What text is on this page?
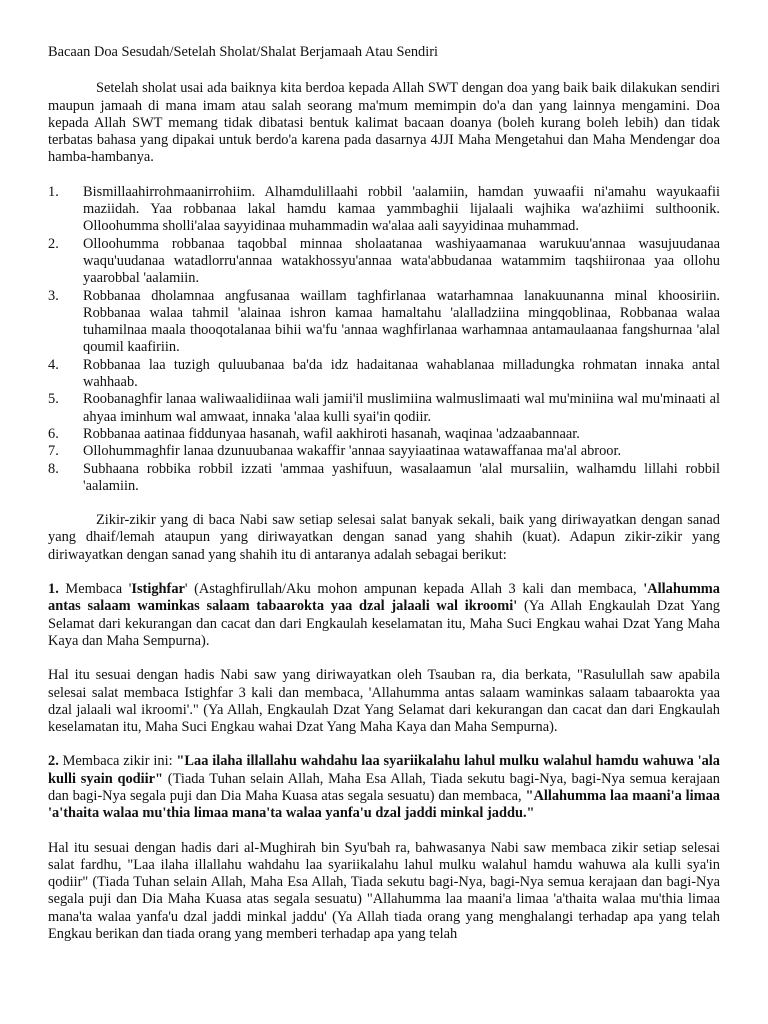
Bacaan Doa Sesudah/Setelah Sholat/Shalat Berjamaah Atau Sendiri

Setelah sholat usai ada baiknya kita berdoa kepada Allah SWT dengan doa yang baik baik dilakukan sendiri maupun jamaah di mana imam atau salah seorang ma'mum memimpin do'a dan yang lainnya mengamini. Doa kepada Allah SWT memang tidak dibatasi bentuk kalimat bacaan doanya (boleh kurang boleh lebih) dan tidak terbatas bahasa yang dipakai untuk berdo'a karena pada dasarnya 4JJI Maha Mengetahui dan Maha Mendengar doa hamba-hambanya.

1.	Bismillaahirrohmaanirrohiim. Alhamdulillaahi robbil 'aalamiin, hamdan yuwaafii ni'amahu wayukaafii maziidah. Yaa robbanaa lakal hamdu kamaa yammbaghii lijalaali wajhika wa'azhiimi sulthoonik. Olloohumma sholli'alaa sayyidinaa muhammadin wa'alaa aali sayyidinaa muhammad.
2.	Olloohumma robbanaa taqobbal minnaa sholaatanaa washiyaamanaa warukuu'annaa wasujuudanaa waqu'uudanaa watadlorru'annaa watakhossyu'annaa wata'abbudanaa watammim taqshiironaa yaa ollohu yaarobbal 'aalamiin.
3.	Robbanaa dholamnaa angfusanaa waillam taghfirlanaa watarhamnaa lanakuunanna minal khoosiriin. Robbanaa walaa tahmil 'alainaa ishron kamaa hamaltahu 'alalladziina mingqoblinaa, Robbanaa walaa tuhamilnaa maala thooqotalanaa bihii wa'fu 'annaa waghfirlanaa warhamnaa antamaulaanaa fangshurnaa 'alal qoumil kaafiriin.
4.	Robbanaa laa tuzigh quluubanaa ba'da idz hadaitanaa wahablanaa milladungka rohmatan innaka antal wahhaab.
5.	Roobanaghfir lanaa waliwaalidiinaa wali jamii'il muslimiina walmuslimaati wal mu'miniina wal mu'minaati al ahyaa iminhum wal amwaat, innaka 'alaa kulli syai'in qodiir.
6.	Robbanaa aatinaa fiddunyaa hasanah, wafil aakhiroti hasanah, waqinaa 'adzaabannaar.
7.	Ollohummaghfir lanaa dzunuubanaa wakaffir 'annaa sayyiaatinaa watawaffanaa ma'al abroor.
8.	Subhaana robbika robbil izzati 'ammaa yashifuun, wasalaamun 'alal mursaliin, walhamdu lillahi robbil 'aalamiin.

Zikir-zikir yang di baca Nabi saw setiap selesai salat banyak sekali, baik yang diriwayatkan dengan sanad yang dhaif/lemah ataupun yang diriwayatkan dengan sanad yang shahih (kuat). Adapun zikir-zikir yang diriwayatkan dengan sanad yang shahih itu di antaranya adalah sebagai berikut:

1. Membaca 'Istighfar' (Astaghfirullah/Aku mohon ampunan kepada Allah 3 kali dan membaca, 'Allahumma antas salaam waminkas salaam tabaarokta yaa dzal jalaali wal ikroomi' (Ya Allah Engkaulah Dzat Yang Selamat dari kekurangan dan cacat dan dari Engkaulah keselamatan itu, Maha Suci Engkau wahai Dzat Yang Maha Kaya dan Maha Sempurna).

Hal itu sesuai dengan hadis Nabi saw yang diriwayatkan oleh Tsauban ra, dia berkata, "Rasulullah saw apabila selesai salat membaca Istighfar 3 kali dan membaca, 'Allahumma antas salaam waminkas salaam tabaarokta yaa dzal jalaali wal ikroomi'." (Ya Allah, Engkaulah Dzat Yang Selamat dari kekurangan dan cacat dan dari Engkaulah keselamatan itu, Maha Suci Engkau wahai Dzat Yang Maha Kaya dan Maha Sempurna).

2. Membaca zikir ini: "Laa ilaha illallahu wahdahu laa syariikalahu lahul mulku walahul hamdu wahuwa 'ala kulli syain qodiir" (Tiada Tuhan selain Allah, Maha Esa Allah, Tiada sekutu bagi-Nya, bagi-Nya semua kerajaan dan bagi-Nya segala puji dan Dia Maha Kuasa atas segala sesuatu) dan membaca, "Allahumma laa maani'a limaa 'a'thaita walaa mu'thia limaa mana'ta walaa yanfa'u dzal jaddi minkal jaddu."

Hal itu sesuai dengan hadis dari al-Mughirah bin Syu'bah ra, bahwasanya Nabi saw membaca zikir setiap selesai salat fardhu, "Laa ilaha illallahu wahdahu laa syariikalahu lahul mulku walahul hamdu wahuwa ala kulli sya'in qodiir" (Tiada Tuhan selain Allah, Maha Esa Allah, Tiada sekutu bagi-Nya, bagi-Nya semua kerajaan dan bagi-Nya segala puji dan Dia Maha Kuasa atas segala sesuatu) "Allahumma laa maani'a limaa 'a'thaita walaa mu'thia limaa mana'ta walaa yanfa'u dzal jaddi minkal jaddu' (Ya Allah tiada orang yang menghalangi terhadap apa yang telah Engkau berikan dan tiada orang yang memberi terhadap apa yang telah
